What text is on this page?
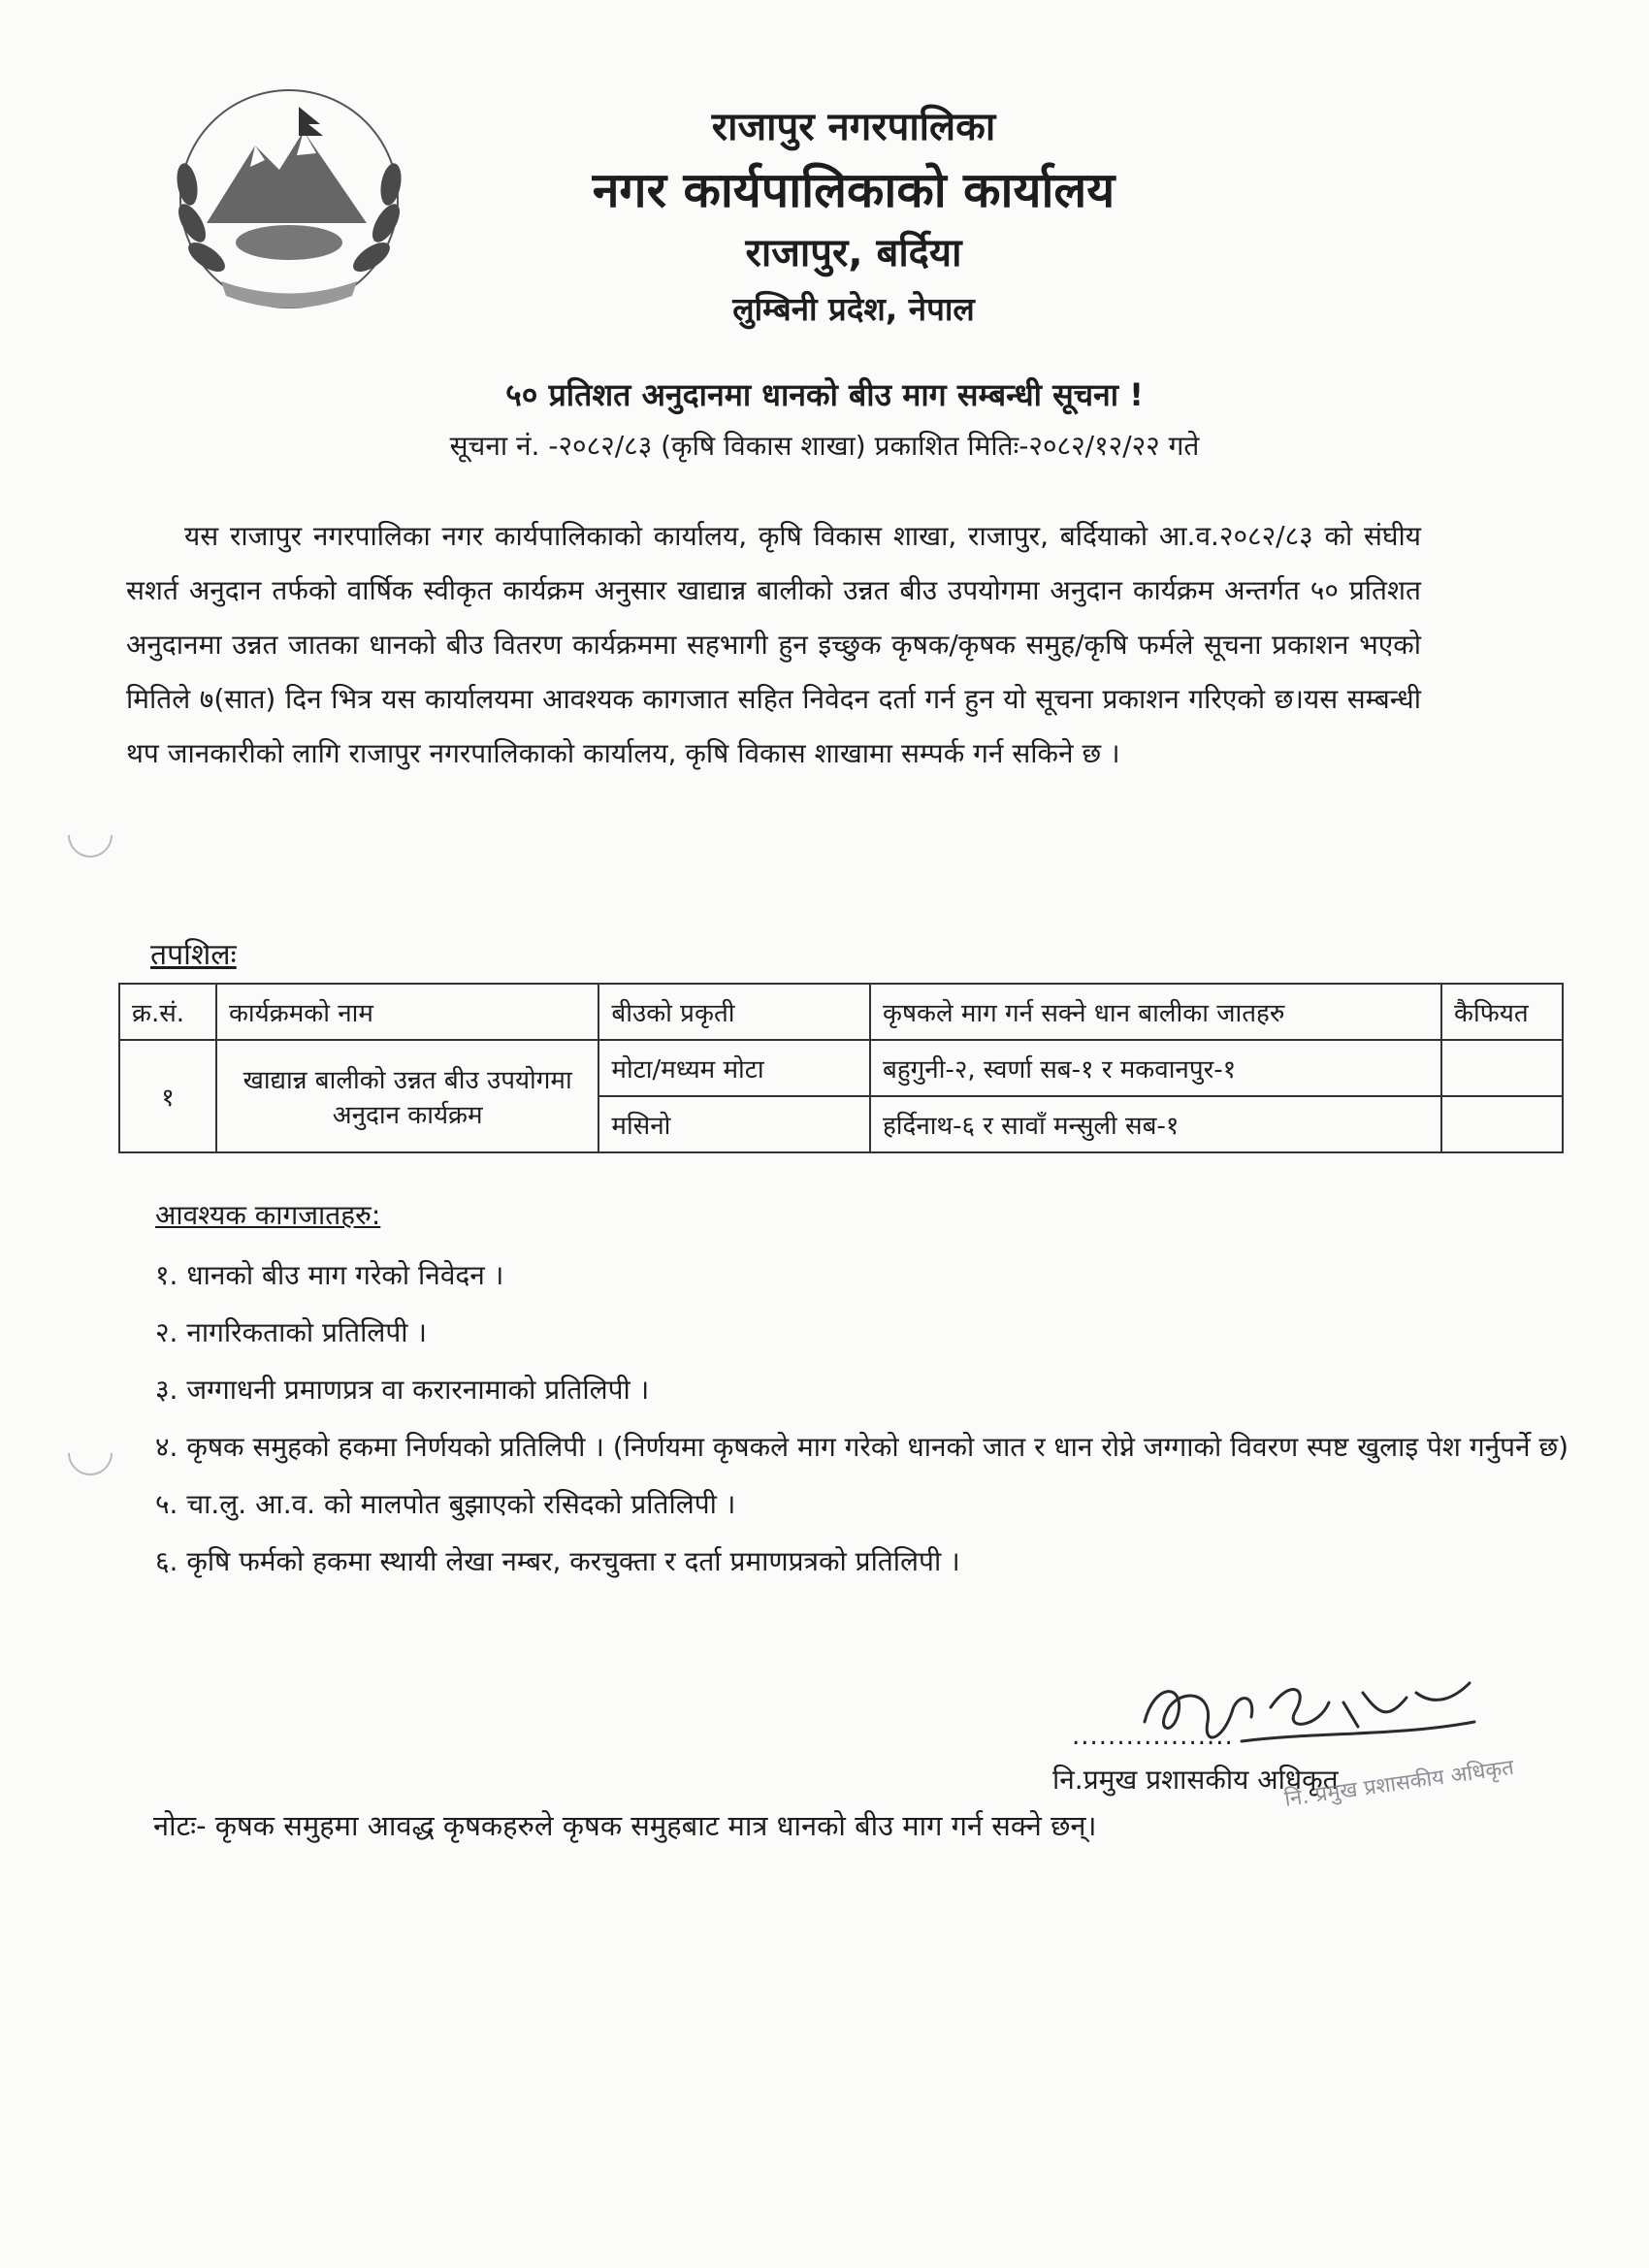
राजापुर नगरपालिका
नगर कार्यपालिकाको कार्यालय
राजापुर, बर्दिया
लुम्बिनी प्रदेश, नेपाल
५० प्रतिशत अनुदानमा धानको बीउ माग सम्बन्धी सूचना !
सूचना नं. -२०८२/८३ (कृषि विकास शाखा) प्रकाशित मितिः-२०८२/१२/२२ गते
यस राजापुर नगरपालिका नगर कार्यपालिकाको कार्यालय, कृषि विकास शाखा, राजापुर, बर्दियाको आ.व.२०८२/८३ को संघीय सशर्त अनुदान तर्फको वार्षिक स्वीकृत कार्यक्रम अनुसार खाद्यान्न बालीको उन्नत बीउ उपयोगमा अनुदान कार्यक्रम अन्तर्गत ५० प्रतिशत अनुदानमा उन्नत जातका धानको बीउ वितरण कार्यक्रममा सहभागी हुन इच्छुक कृषक/कृषक समुह/कृषि फर्मले सूचना प्रकाशन भएको मितिले ७(सात) दिन भित्र यस कार्यालयमा आवश्यक कागजात सहित निवेदन दर्ता गर्न हुन यो सूचना प्रकाशन गरिएको छ।यस सम्बन्धी थप जानकारीको लागि राजापुर नगरपालिकाको कार्यालय, कृषि विकास शाखामा सम्पर्क गर्न सकिने छ ।
तपशिलः
क्र.सं.	कार्यक्रमको नाम	बीउको प्रकृती	कृषकले माग गर्न सक्ने धान बालीका जातहरु	कैफियत
१	खाद्यान्न बालीको उन्नत बीउ उपयोगमा अनुदान कार्यक्रम	मोटा/मध्यम मोटा	बहुगुनी-२, स्वर्णा सब-१ र मकवानपुर-१	
		मसिनो	हर्दिनाथ-६ र सावाँ मन्सुली सब-१	
आवश्यक कागजातहरु:
१. धानको बीउ माग गरेको निवेदन ।
२. नागरिकताको प्रतिलिपी ।
३. जग्गाधनी प्रमाणप्रत्र वा करारनामाको प्रतिलिपी ।
४. कृषक समुहको हकमा निर्णयको प्रतिलिपी । (निर्णयमा कृषकले माग गरेको धानको जात र धान रोप्ने जग्गाको विवरण स्पष्ट खुलाइ पेश गर्नुपर्ने छ)
५. चा.लु. आ.व. को मालपोत बुझाएको रसिदको प्रतिलिपी ।
६. कृषि फर्मको हकमा स्थायी लेखा नम्बर, करचुक्ता र दर्ता प्रमाणप्रत्रको प्रतिलिपी ।
..................
नि.प्रमुख प्रशासकीय अधिकृत
नि. प्रमुख प्रशासकीय अधिकृत
नोटः- कृषक समुहमा आवद्ध कृषकहरुले कृषक समुहबाट मात्र धानको बीउ माग गर्न सक्ने छन्।
